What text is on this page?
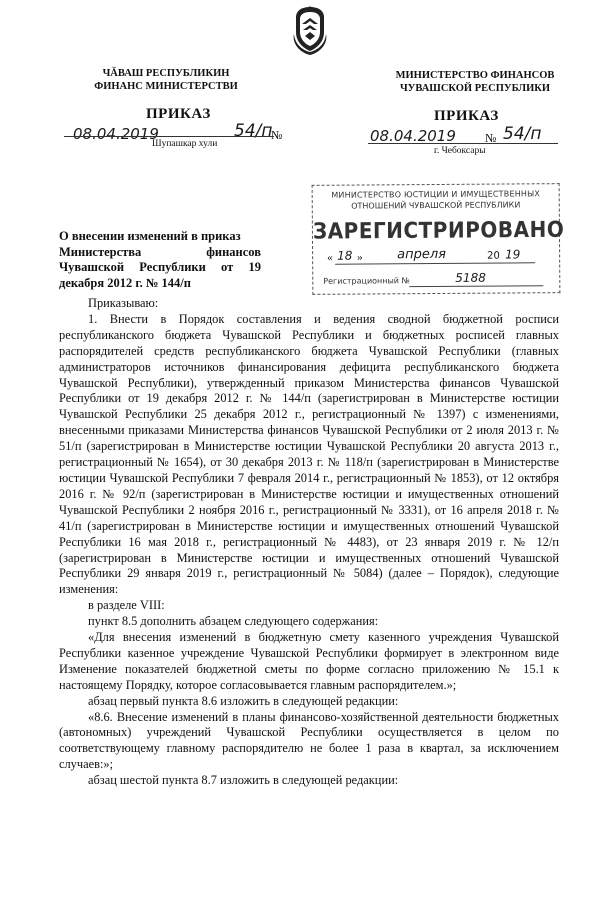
ЧĂВАШ РЕСПУБЛИКИН
ФИНАНС МИНИСТЕРСТВИ
МИНИСТЕРСТВО ФИНАНСОВ
ЧУВАШСКОЙ РЕСПУБЛИКИ
ПРИКАЗ
08.04.2019	54/п
№
Шупашкар хули
ПРИКАЗ
08.04.2019 № 54/п
г. Чебоксары
МИНИСТЕРСТВО ЮСТИЦИИ И ИМУЩЕСТВЕННЫХ
ОТНОШЕНИЙ ЧУВАШСКОЙ РЕСПУБЛИКИ
ЗАРЕГИСТРИРОВАНО
« 18 »	апреля	20 19
Регистрационный №	5188
О внесении изменений в приказ
Министерства финансов
Чувашской Республики от 19
декабря 2012 г. № 144/п

Приказываю:

1. Внести в Порядок составления и ведения сводной бюджетной росписи республиканского бюджета Чувашской Республики и бюджетных росписей главных распорядителей средств республиканского бюджета Чувашской Республики (главных администраторов источников финансирования дефицита республиканского бюджета Чувашской Республики), утвержденный приказом Министерства финансов Чувашской Республики от 19 декабря 2012 г. № 144/п (зарегистрирован в Министерстве юстиции Чувашской Республики 25 декабря 2012 г., регистрационный № 1397) с изменениями, внесенными приказами Министерства финансов Чувашской Республики от 2 июля 2013 г. № 51/п (зарегистрирован в Министерстве юстиции Чувашской Республики 20 августа 2013 г., регистрационный № 1654), от 30 декабря 2013 г. № 118/п (зарегистрирован в Министерстве юстиции Чувашской Республики 7 февраля 2014 г., регистрационный № 1853), от 12 октября 2016 г. № 92/п (зарегистрирован в Министерстве юстиции и имущественных отношений Чувашской Республики 2 ноября 2016 г., регистрационный № 3331), от 16 апреля 2018 г. № 41/п (зарегистрирован в Министерстве юстиции и имущественных отношений Чувашской Республики 16 мая 2018 г., регистрационный № 4483), от 23 января 2019 г. № 12/п (зарегистрирован в Министерстве юстиции и имущественных отношений Чувашской Республики 29 января 2019 г., регистрационный № 5084) (далее – Порядок), следующие изменения:

в разделе VIII:

пункт 8.5 дополнить абзацем следующего содержания:

«Для внесения изменений в бюджетную смету казенного учреждения Чувашской Республики казенное учреждение Чувашской Республики формирует в электронном виде Изменение показателей бюджетной сметы по форме согласно приложению № 15.1 к настоящему Порядку, которое согласовывается главным распорядителем.»;

абзац первый пункта 8.6 изложить в следующей редакции:

«8.6. Внесение изменений в планы финансово-хозяйственной деятельности бюджетных (автономных) учреждений Чувашской Республики осуществляется в целом по соответствующему главному распорядителю не более 1 раза в квартал, за исключением случаев:»;

абзац шестой пункта 8.7 изложить в следующей редакции:
